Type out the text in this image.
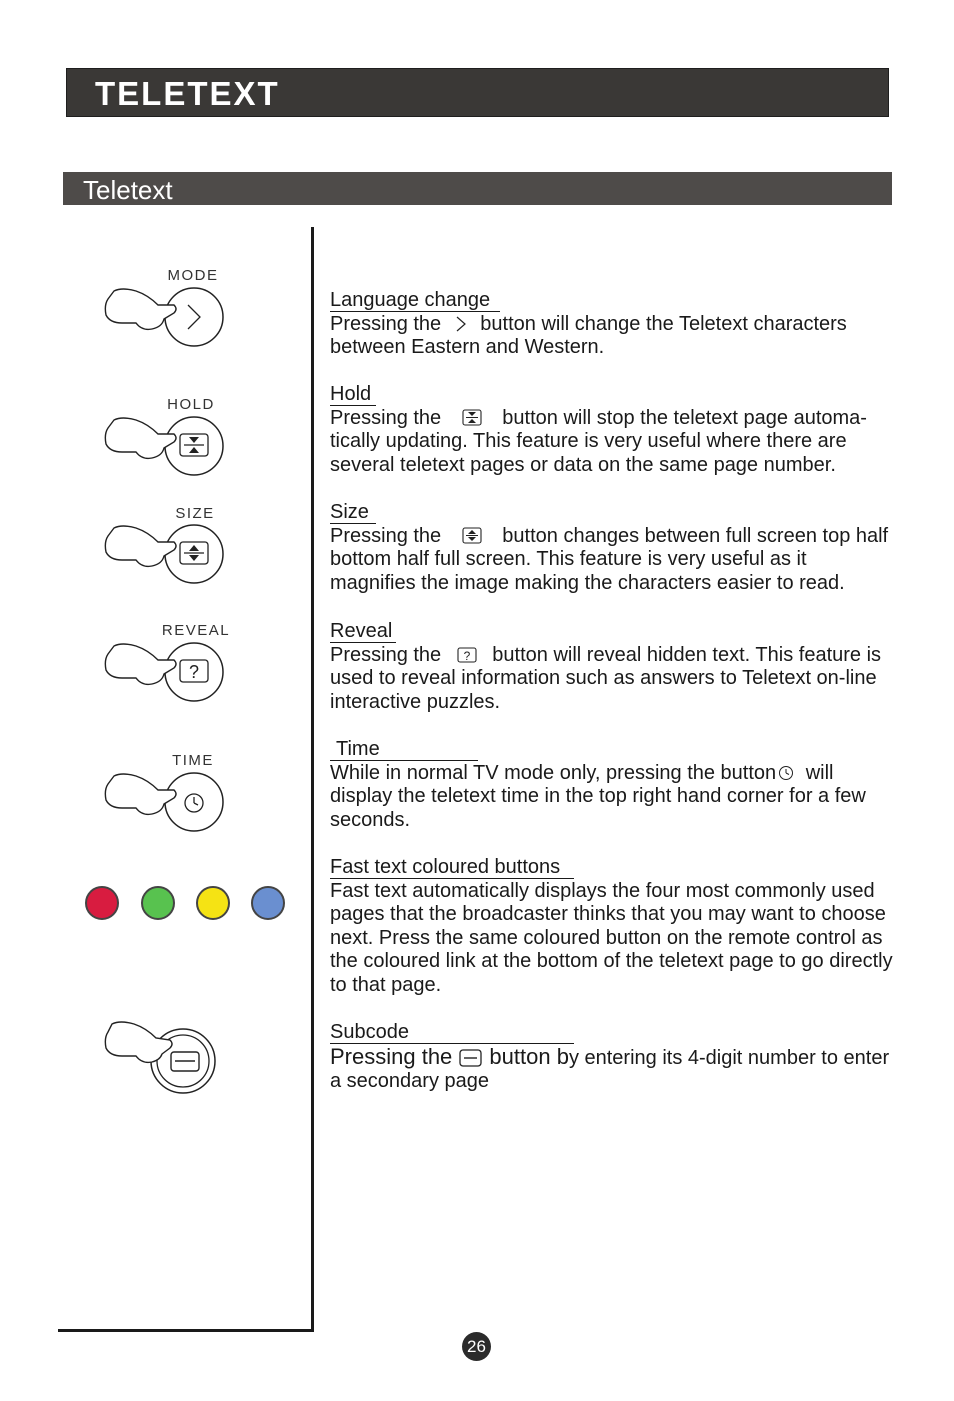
TELETEXT
Teletext
MODE
HOLD
SIZE
REVEAL
?
TIME
Language change
Pressing the button will change the Teletext characters between Eastern and Western.
Hold
Pressing the	button will stop the teletext page automa-tically updating. This feature is very useful where there are several teletext pages or data on the same page number.
Size
Pressing the	button changes between full screen top half bottom half full screen. This feature is very useful as it magnifies the image making the characters easier to read.
Reveal
Pressing the ? button will reveal hidden text. This feature is used to reveal information such as answers to Teletext on-line interactive puzzles.
Time
While in normal TV mode only, pressing the button will display the teletext time in the top right hand corner for a few seconds.
Fast text coloured buttons
Fast text automatically displays the four most commonly used pages that the broadcaster thinks that you may want to choose next. Press the same coloured button on the remote control as the coloured link at the bottom of the teletext page to go directly to that page.
Subcode
Pressing the button by entering its 4-digit number to enter a secondary page
26
